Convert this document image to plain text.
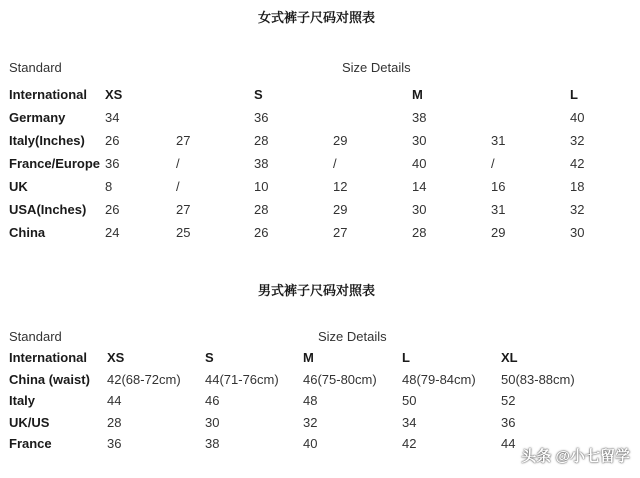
女式裤子尺码对照表
Standard	Size Details
International XS	S	M	L
Germany	34	36	38	40
Italy(Inches) 26	27	28	29	30	31	32
France/Europe 36	/	38	/	40	/	42
UK	8	/	10	12	14	16	18
USA(Inches) 26	27	28	29	30	31	32
China	24	25	26	27	28	29	30
男式裤子尺码对照表
Standard	Size Details
International XS	S	M	L	XL
China (waist) 42(68-72cm) 44(71-76cm) 46(75-80cm) 48(79-84cm) 50(83-88cm)
Italy	44	46	48	50	52
UK/US	28	30	32	34	36
France	36	38	40	42	44
头条 @小七留学
